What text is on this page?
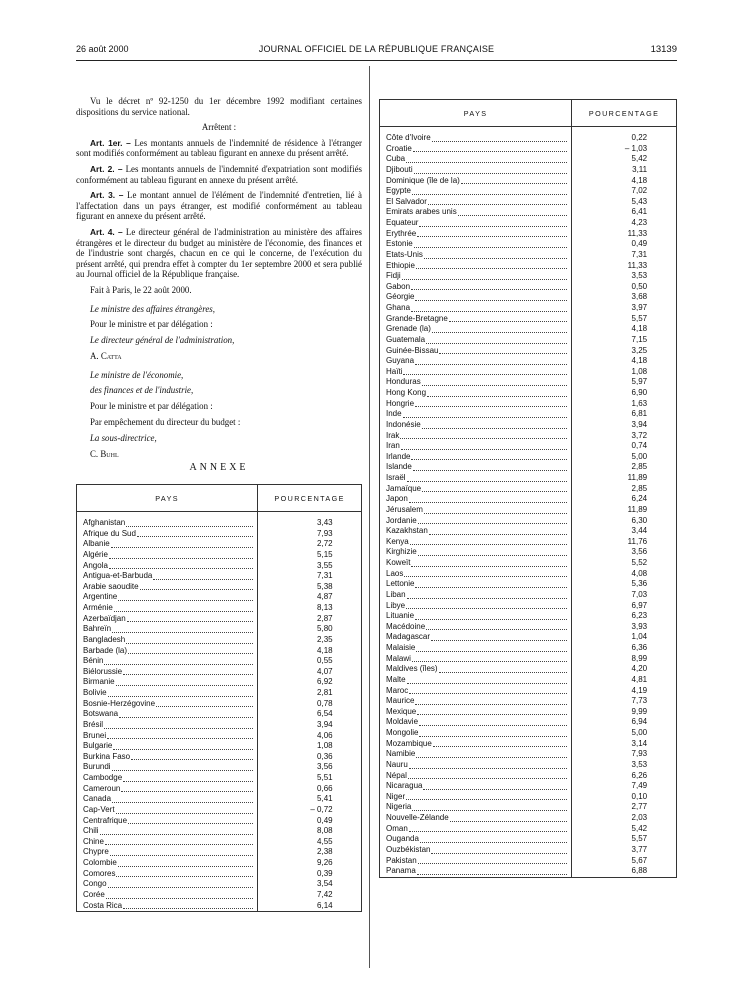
26 août 2000	JOURNAL OFFICIEL DE LA RÉPUBLIQUE FRANÇAISE	13139

Vu le décret nº 92-1250 du 1er décembre 1992 modifiant certaines dispositions du service national.

Arrêtent :

Art. 1er. – Les montants annuels de l'indemnité de résidence à l'étranger sont modifiés conformément au tableau figurant en annexe du présent arrêté.

Art. 2. – Les montants annuels de l'indemnité d'expatriation sont modifiés conformément au tableau figurant en annexe du présent arrêté.

Art. 3. – Le montant annuel de l'élément de l'indemnité d'entretien, lié à l'affectation dans un pays étranger, est modifié conformément au tableau figurant en annexe du présent arrêté.

Art. 4. – Le directeur général de l'administration au ministère des affaires étrangères et le directeur du budget au ministère de l'économie, des finances et de l'industrie sont chargés, chacun en ce qui le concerne, de l'exécution du présent arrêté, qui prendra effet à compter du 1er septembre 2000 et sera publié au Journal officiel de la République française.

Fait à Paris, le 22 août 2000.

Le ministre des affaires étrangères,

Pour le ministre et par délégation :

Le directeur général de l'administration,

A. Catta

Le ministre de l'économie,

des finances et de l'industrie,

Pour le ministre et par délégation :

Par empêchement du directeur du budget :

La sous-directrice,

C. Buhl

ANNEXE
PAYS	POURCENTAGE

Afghanistan	3,43

Afrique du Sud	7,93

Albanie	2,72

Algérie	5,15

Angola	3,55

Antigua-et-Barbuda	7,31

Arabie saoudite	5,38

Argentine	4,87

Arménie	8,13

Azerbaïdjan	2,87

Bahreïn	5,80

Bangladesh	2,35

Barbade (la)	4,18

Bénin	0,55

Biélorussie	4,07

Birmanie	6,92

Bolivie	2,81

Bosnie-Herzégovine	0,78

Botswana	6,54

Brésil	3,94

Brunei	4,06

Bulgarie	1,08

Burkina Faso	0,36

Burundi	3,56

Cambodge	5,51

Cameroun	0,66

Canada	5,41

Cap-Vert	– 0,72

Centrafrique	0,49

Chili	8,08

Chine	4,55

Chypre	2,38

Colombie	9,26

Comores	0,39

Congo	3,54

Corée	7,42

Costa Rica	6,14
PAYS	POURCENTAGE

Côte d'Ivoire	0,22

Croatie	– 1,03

Cuba	5,42

Djibouti	3,11

Dominique (île de la)	4,18

Egypte	7,02

El Salvador	5,43

Emirats arabes unis	6,41

Equateur	4,23

Erythrée	11,33

Estonie	0,49

Etats-Unis	7,31

Ethiopie	11,33

Fidji	3,53

Gabon	0,50

Géorgie	3,68

Ghana	3,97

Grande-Bretagne	5,57

Grenade (la)	4,18

Guatemala	7,15

Guinée-Bissau	3,25

Guyana	4,18

Haïti	1,08

Honduras	5,97

Hong Kong	6,90

Hongrie	1,63

Inde	6,81

Indonésie	3,94

Irak	3,72

Iran	0,74

Irlande	5,00

Islande	2,85

Israël	11,89

Jamaïque	2,85

Japon	6,24

Jérusalem	11,89

Jordanie	6,30

Kazakhstan	3,44

Kenya	11,76

Kirghizie	3,56

Koweït	5,52

Laos	4,08

Lettonie	5,36

Liban	7,03

Libye	6,97

Lituanie	6,23

Macédoine	3,93

Madagascar	1,04

Malaisie	6,36

Malawi	8,99

Maldives (îles)	4,20

Malte	4,81

Maroc	4,19

Maurice	7,73

Mexique	9,99

Moldavie	6,94

Mongolie	5,00

Mozambique	3,14

Namibie	7,93

Nauru	3,53

Népal	6,26

Nicaragua	7,49

Niger	0,10

Nigeria	2,77

Nouvelle-Zélande	2,03

Oman	5,42

Ouganda	5,57

Ouzbékistan	3,77

Pakistan	5,67

Panama	6,88
